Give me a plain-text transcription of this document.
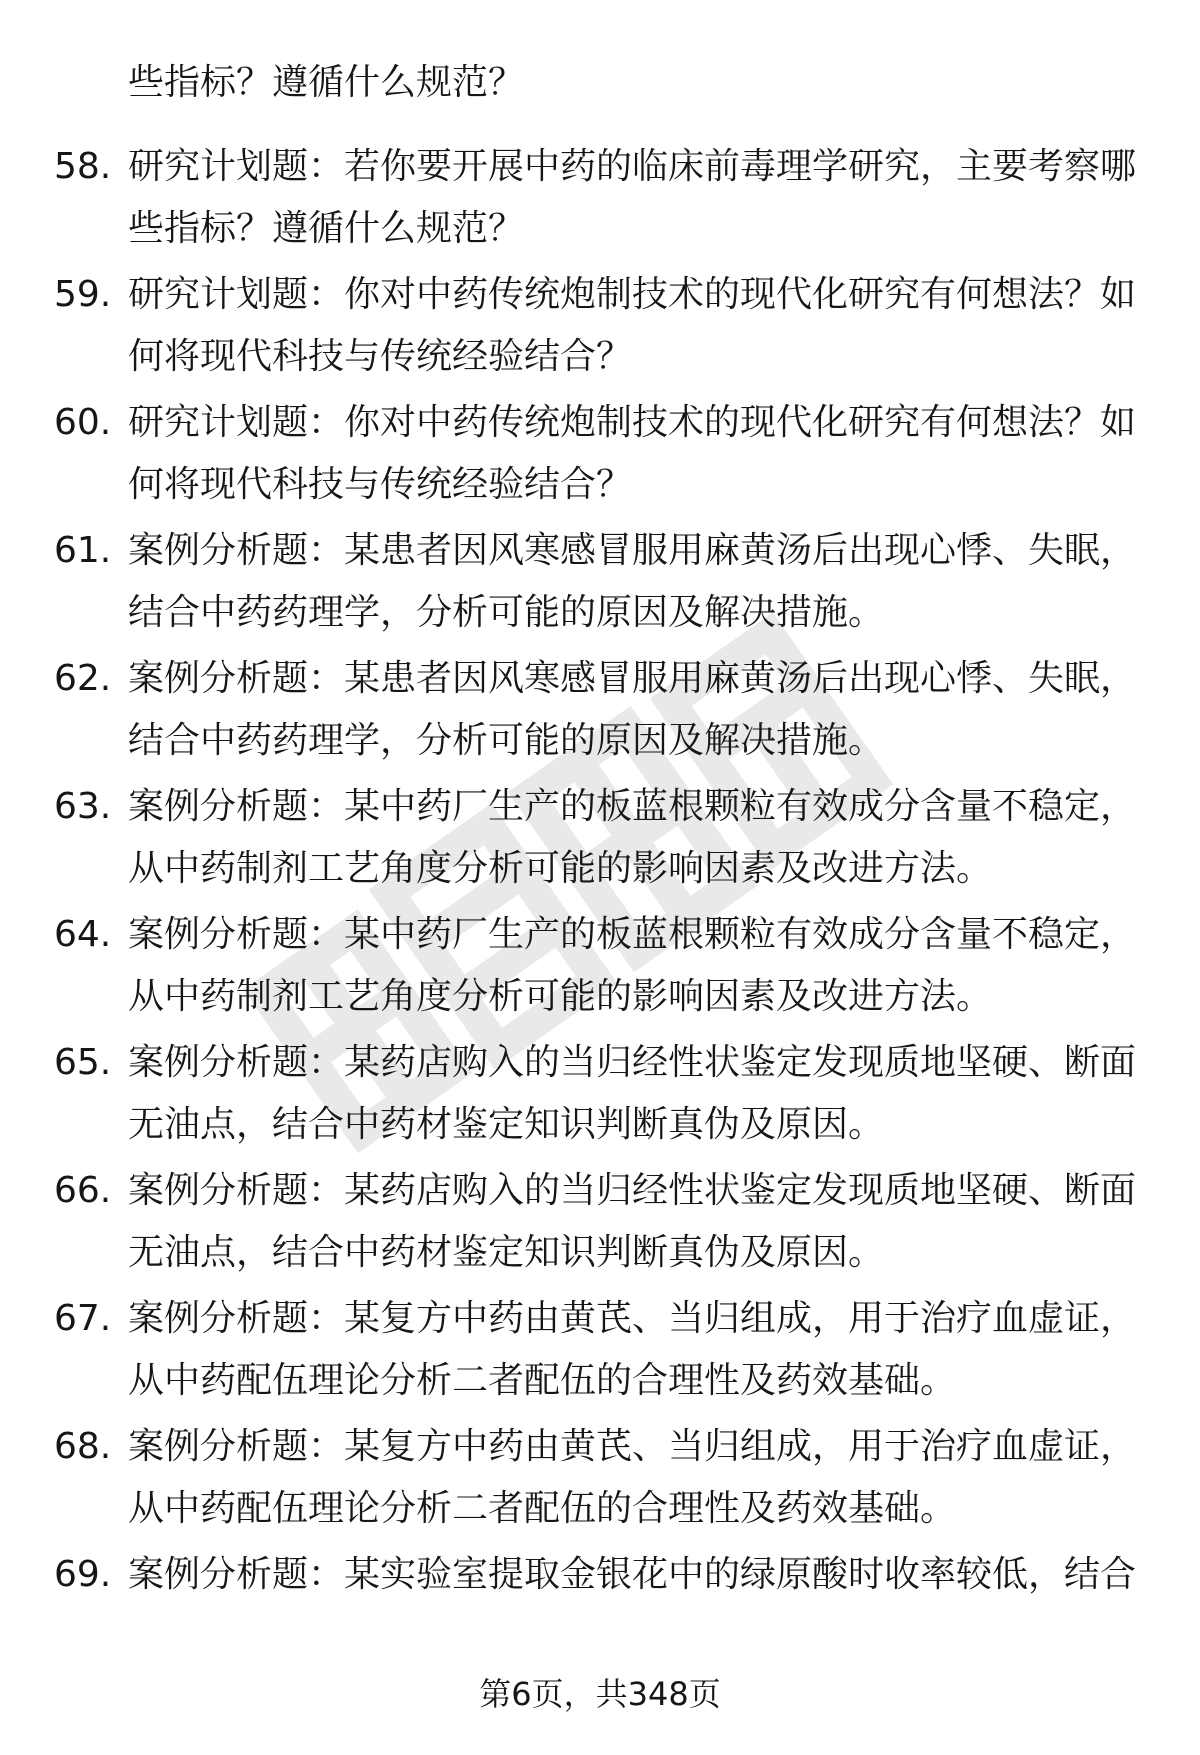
些指标？遵循什么规范？
58. 研究计划题：若你要开展中药的临床前毒理学研究，主要考察哪
些指标？遵循什么规范？
59. 研究计划题：你对中药传统炮制技术的现代化研究有何想法？如
何将现代科技与传统经验结合？
60. 研究计划题：你对中药传统炮制技术的现代化研究有何想法？如
何将现代科技与传统经验结合？
61. 案例分析题：某患者因风寒感冒服用麻黄汤后出现心悸、失眠，
结合中药药理学，分析可能的原因及解决措施。
62. 案例分析题：某患者因风寒感冒服用麻黄汤后出现心悸、失眠，
结合中药药理学，分析可能的原因及解决措施。
63. 案例分析题：某中药厂生产的板蓝根颗粒有效成分含量不稳定，
从中药制剂工艺角度分析可能的影响因素及改进方法。
64. 案例分析题：某中药厂生产的板蓝根颗粒有效成分含量不稳定，
从中药制剂工艺角度分析可能的影响因素及改进方法。
65. 案例分析题：某药店购入的当归经性状鉴定发现质地坚硬、断面
无油点，结合中药材鉴定知识判断真伪及原因。
66. 案例分析题：某药店购入的当归经性状鉴定发现质地坚硬、断面
无油点，结合中药材鉴定知识判断真伪及原因。
67. 案例分析题：某复方中药由黄芪、当归组成，用于治疗血虚证，
从中药配伍理论分析二者配伍的合理性及药效基础。
68. 案例分析题：某复方中药由黄芪、当归组成，用于治疗血虚证，
从中药配伍理论分析二者配伍的合理性及药效基础。
69. 案例分析题：某实验室提取金银花中的绿原酸时收率较低，结合
第6页，共348页
